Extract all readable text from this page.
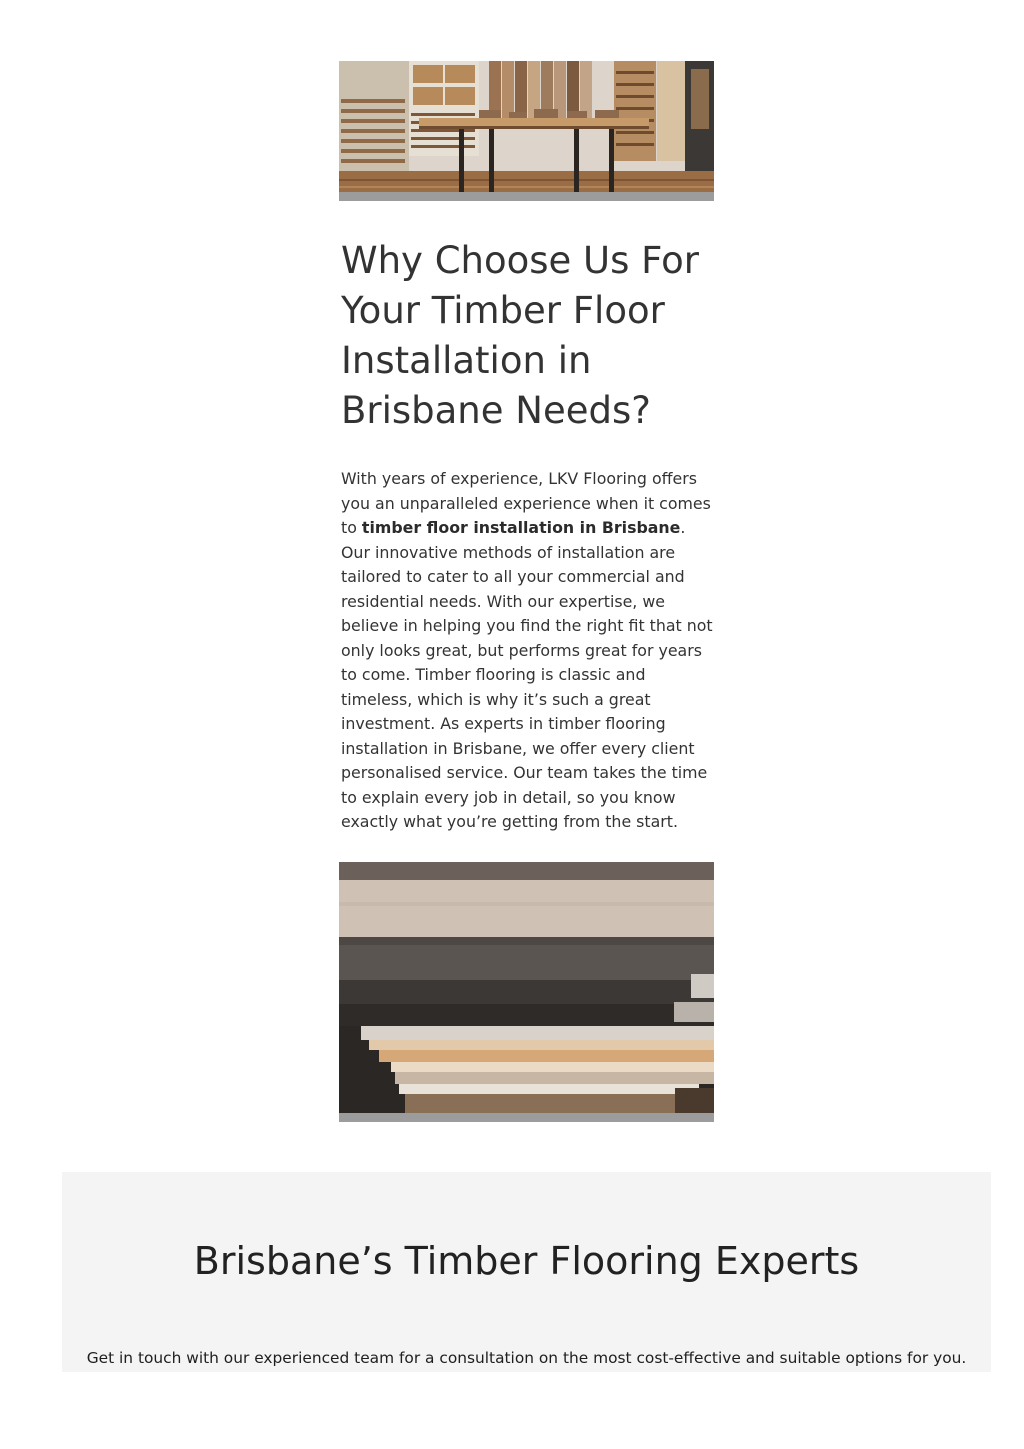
Why Choose Us For Your Timber Floor Installation in Brisbane Needs?

With years of experience, LKV Flooring offers you an unparalleled experience when it comes to timber floor installation in Brisbane. Our innovative methods of installation are tailored to cater to all your commercial and residential needs. With our expertise, we believe in helping you find the right fit that not only looks great, but performs great for years to come. Timber flooring is classic and timeless, which is why it’s such a great investment. As experts in timber flooring installation in Brisbane, we offer every client personalised service. Our team takes the time to explain every job in detail, so you know exactly what you’re getting from the start.

Brisbane’s Timber Flooring Experts

Get in touch with our experienced team for a consultation on the most cost-effective and suitable options for you.
